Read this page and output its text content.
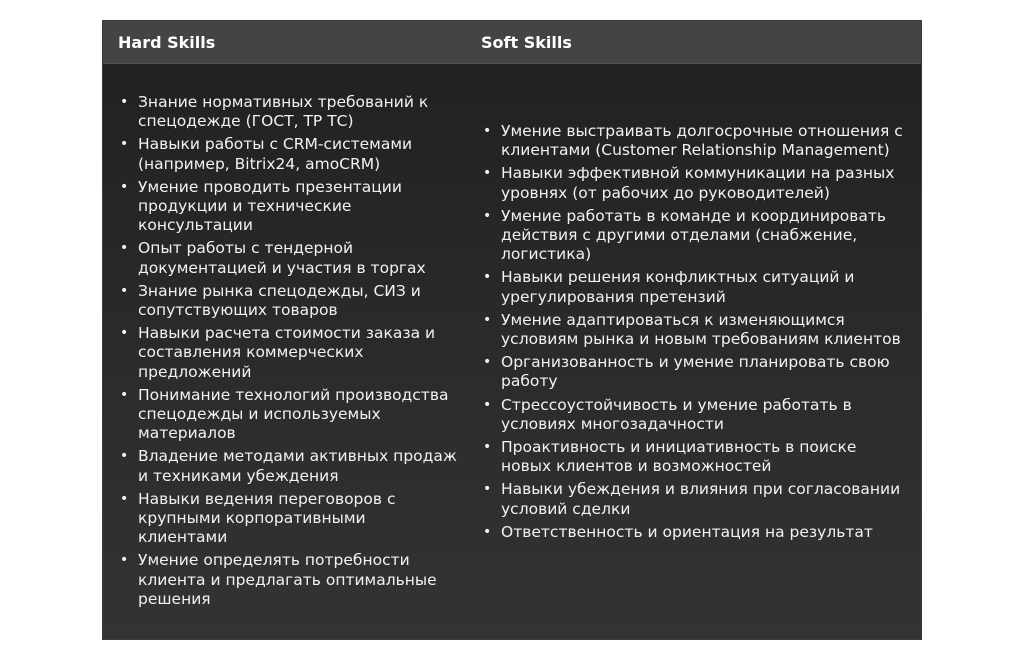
Hard Skills	Soft Skills
• Знание нормативных требований к спецодежде (ГОСТ, ТР ТС)
• Навыки работы с CRM-системами (например, Bitrix24, amoCRM)
• Умение проводить презентации продукции и технические консультации
• Опыт работы с тендерной документацией и участия в торгах
• Знание рынка спецодежды, СИЗ и сопутствующих товаров
• Навыки расчета стоимости заказа и составления коммерческих предложений
• Понимание технологий производства спецодежды и используемых материалов
• Владение методами активных продаж и техниками убеждения
• Навыки ведения переговоров с крупными корпоративными клиентами
• Умение определять потребности клиента и предлагать оптимальные решения
• Умение выстраивать долгосрочные отношения с клиентами (Customer Relationship Management)
• Навыки эффективной коммуникации на разных уровнях (от рабочих до руководителей)
• Умение работать в команде и координировать действия с другими отделами (снабжение, логистика)
• Навыки решения конфликтных ситуаций и урегулирования претензий
• Умение адаптироваться к изменяющимся условиям рынка и новым требованиям клиентов
• Организованность и умение планировать свою работу
• Стрессоустойчивость и умение работать в условиях многозадачности
• Проактивность и инициативность в поиске новых клиентов и возможностей
• Навыки убеждения и влияния при согласовании условий сделки
• Ответственность и ориентация на результат
